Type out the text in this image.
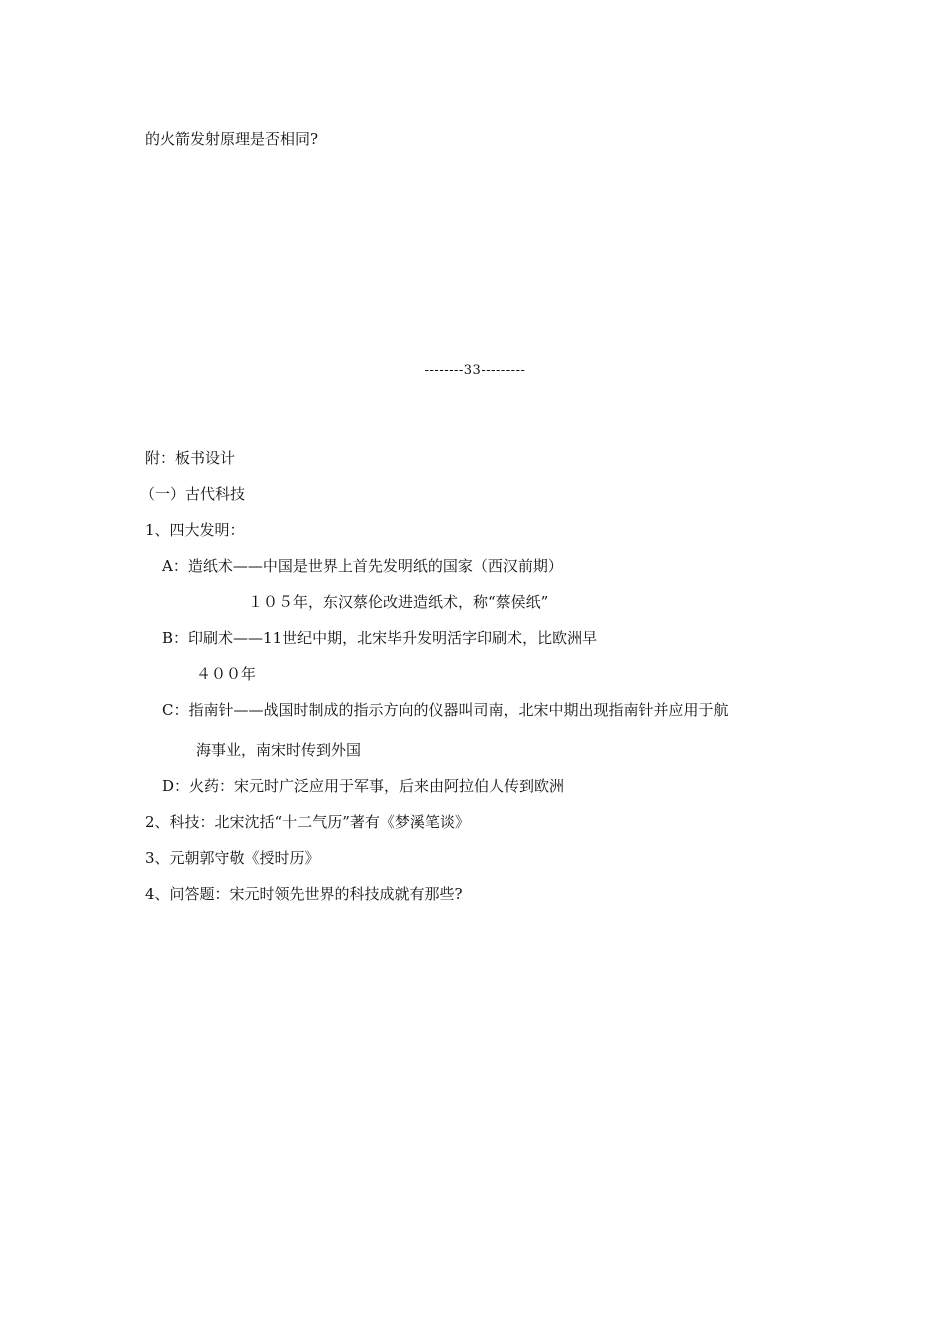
的火箭发射原理是否相同?
--------33---------
附：板书设计
（一）古代科技
1、四大发明：
A：造纸术——中国是世界上首先发明纸的国家（西汉前期）
１０５年，东汉蔡伦改进造纸术，称“蔡侯纸”
B：印刷术——11世纪中期，北宋毕升发明活字印刷术，比欧洲早
４００年
C：指南针——战国时制成的指示方向的仪器叫司南，北宋中期出现指南针并应用于航
海事业，南宋时传到外国
D：火药：宋元时广泛应用于军事，后来由阿拉伯人传到欧洲
2、科技：北宋沈括“十二气历”著有《梦溪笔谈》
3、元朝郭守敬《授时历》
4、问答题：宋元时领先世界的科技成就有那些?
